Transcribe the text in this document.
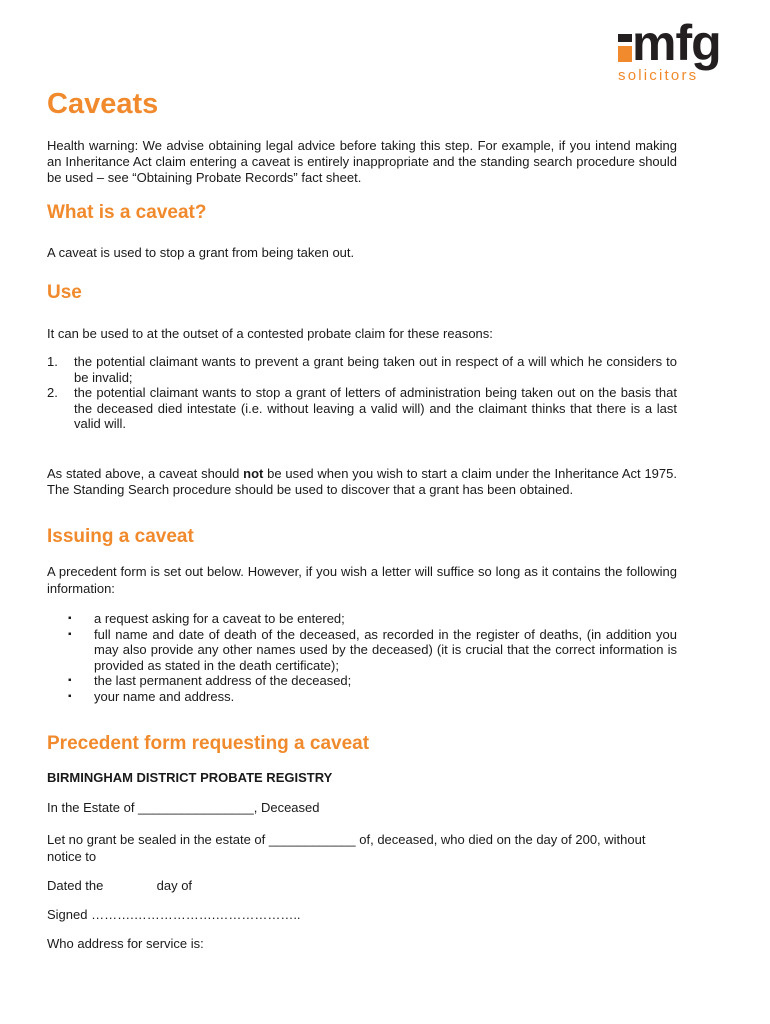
mfg
solicitors
Caveats

Health warning: We advise obtaining legal advice before taking this step. For example, if you intend making an Inheritance Act claim entering a caveat is entirely inappropriate and the standing search procedure should be used – see “Obtaining Probate Records” fact sheet.

What is a caveat?

A caveat is used to stop a grant from being taken out.

Use

It can be used to at the outset of a contested probate claim for these reasons:

1. the potential claimant wants to prevent a grant being taken out in respect of a will which he considers to be invalid;
2. the potential claimant wants to stop a grant of letters of administration being taken out on the basis that the deceased died intestate (i.e. without leaving a valid will) and the claimant thinks that there is a last valid will.

As stated above, a caveat should not be used when you wish to start a claim under the Inheritance Act 1975. The Standing Search procedure should be used to discover that a grant has been obtained.

Issuing a caveat

A precedent form is set out below. However, if you wish a letter will suffice so long as it contains the following information:

▪ a request asking for a caveat to be entered;
▪ full name and date of death of the deceased, as recorded in the register of deaths, (in addition you may also provide any other names used by the deceased) (it is crucial that the correct information is provided as stated in the death certificate);
▪ the last permanent address of the deceased;
▪ your name and address.
Precedent form requesting a caveat

BIRMINGHAM DISTRICT PROBATE REGISTRY

In the Estate of ________________, Deceased

Let no grant be sealed in the estate of ____________ of, deceased, who died on the day of 200, without notice to

Dated the	day of

Signed ……….……………….………………..

Who address for service is:
